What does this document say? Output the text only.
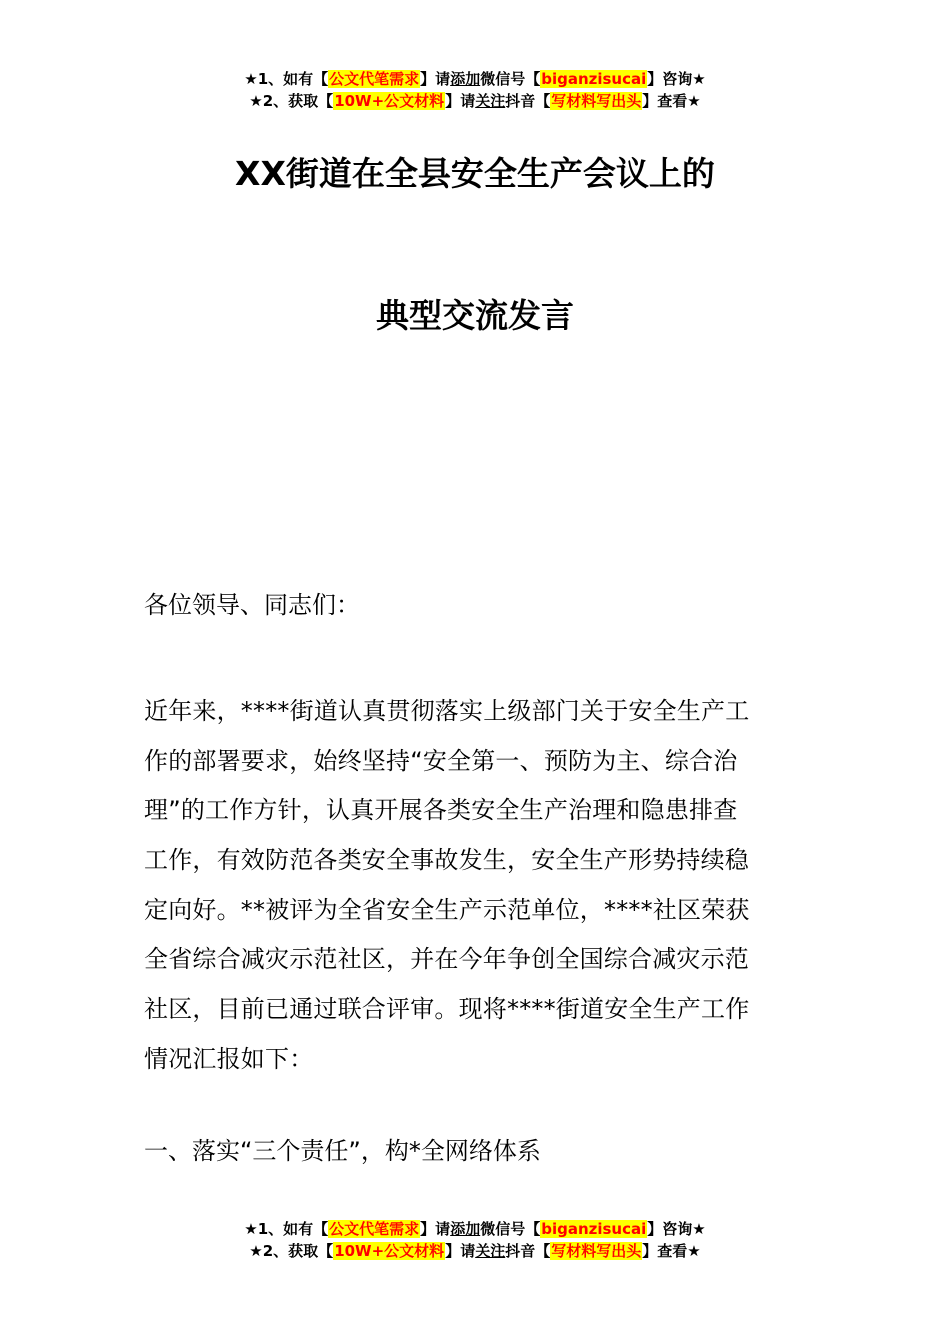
★1、如有【公文代笔需求】请添加微信号【biganzisucai】咨询★
★2、获取【10W+公文材料】请关注抖音【写材料写出头】查看★
XX街道在全县安全生产会议上的
典型交流发言
各位领导、同志们：
近年来，****街道认真贯彻落实上级部门关于安全生产工
作的部署要求，始终坚持“安全第一、预防为主、综合治
理”的工作方针，认真开展各类安全生产治理和隐患排查
工作，有效防范各类安全事故发生，安全生产形势持续稳
定向好。**被评为全省安全生产示范单位，****社区荣获
全省综合减灾示范社区，并在今年争创全国综合减灾示范
社区，目前已通过联合评审。现将****街道安全生产工作
情况汇报如下：
一、落实“三个责任”，构*全网络体系
★1、如有【公文代笔需求】请添加微信号【biganzisucai】咨询★
★2、获取【10W+公文材料】请关注抖音【写材料写出头】查看★
